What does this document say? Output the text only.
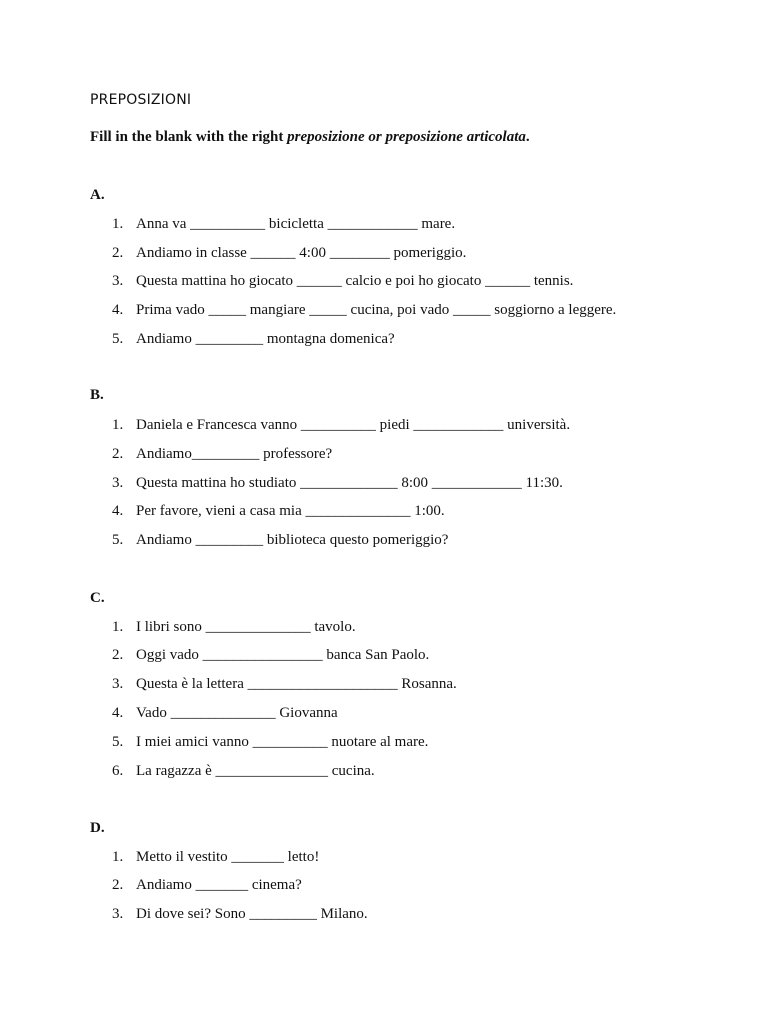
PREPOSIZIONI
Fill in the blank with the right preposizione or preposizione articolata.
A.
1. Anna va __________ bicicletta ____________ mare.
2. Andiamo in classe ______ 4:00 ________ pomeriggio.
3. Questa mattina ho giocato ______ calcio e poi ho giocato ______ tennis.
4. Prima vado _____ mangiare _____ cucina, poi vado _____ soggiorno a leggere.
5. Andiamo _________ montagna domenica?
B.
1. Daniela e Francesca vanno __________ piedi ____________ università.
2. Andiamo_________ professore?
3. Questa mattina ho studiato _____________ 8:00 ____________ 11:30.
4. Per favore, vieni a casa mia ______________ 1:00.
5. Andiamo _________ biblioteca questo pomeriggio?
C.
1. I libri sono ______________ tavolo.
2. Oggi vado ________________ banca San Paolo.
3. Questa è la lettera ____________________ Rosanna.
4. Vado ______________ Giovanna
5. I miei amici vanno __________ nuotare al mare.
6. La ragazza è _______________ cucina.
D.
1. Metto il vestito _______ letto!
2. Andiamo _______ cinema?
3. Di dove sei? Sono _________ Milano.
